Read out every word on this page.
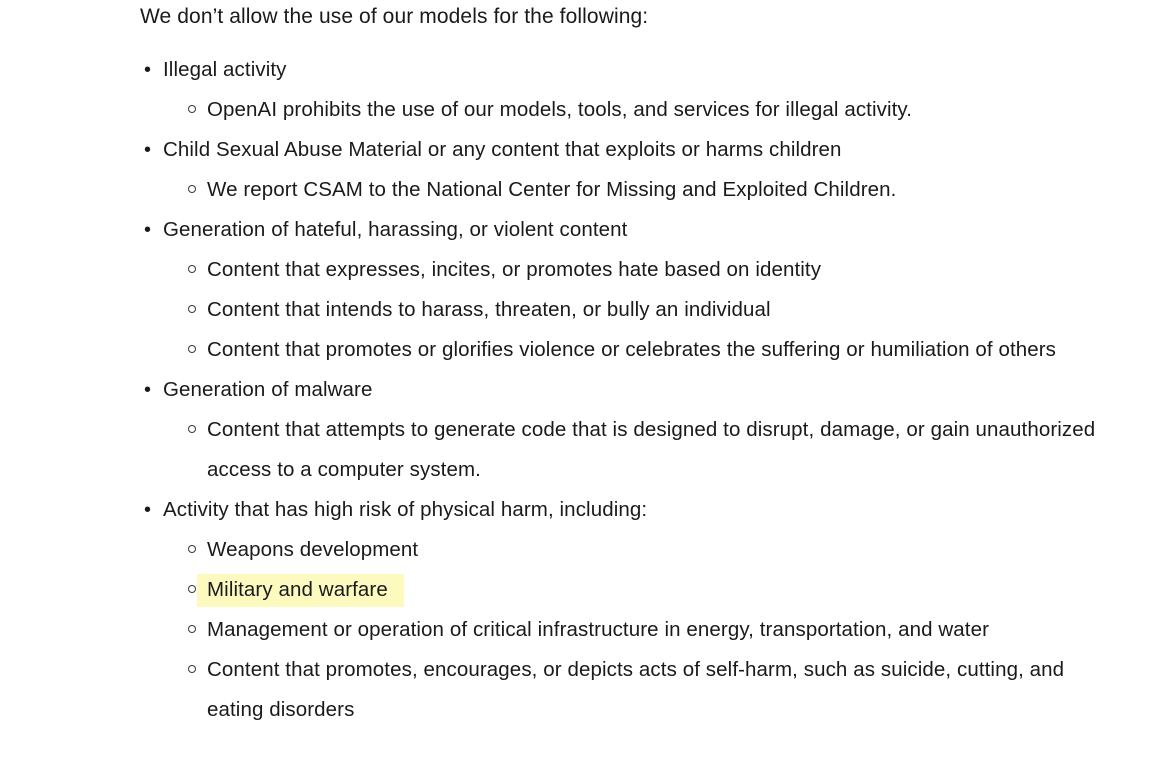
We don’t allow the use of our models for the following:
• Illegal activity
OpenAI prohibits the use of our models, tools, and services for illegal activity.
• Child Sexual Abuse Material or any content that exploits or harms children
We report CSAM to the National Center for Missing and Exploited Children.
• Generation of hateful, harassing, or violent content
Content that expresses, incites, or promotes hate based on identity
Content that intends to harass, threaten, or bully an individual
Content that promotes or glorifies violence or celebrates the suffering or humiliation of others
• Generation of malware
Content that attempts to generate code that is designed to disrupt, damage, or gain unauthorized access to a computer system.
• Activity that has high risk of physical harm, including:
Weapons development
Military and warfare
Management or operation of critical infrastructure in energy, transportation, and water
Content that promotes, encourages, or depicts acts of self-harm, such as suicide, cutting, and eating disorders
